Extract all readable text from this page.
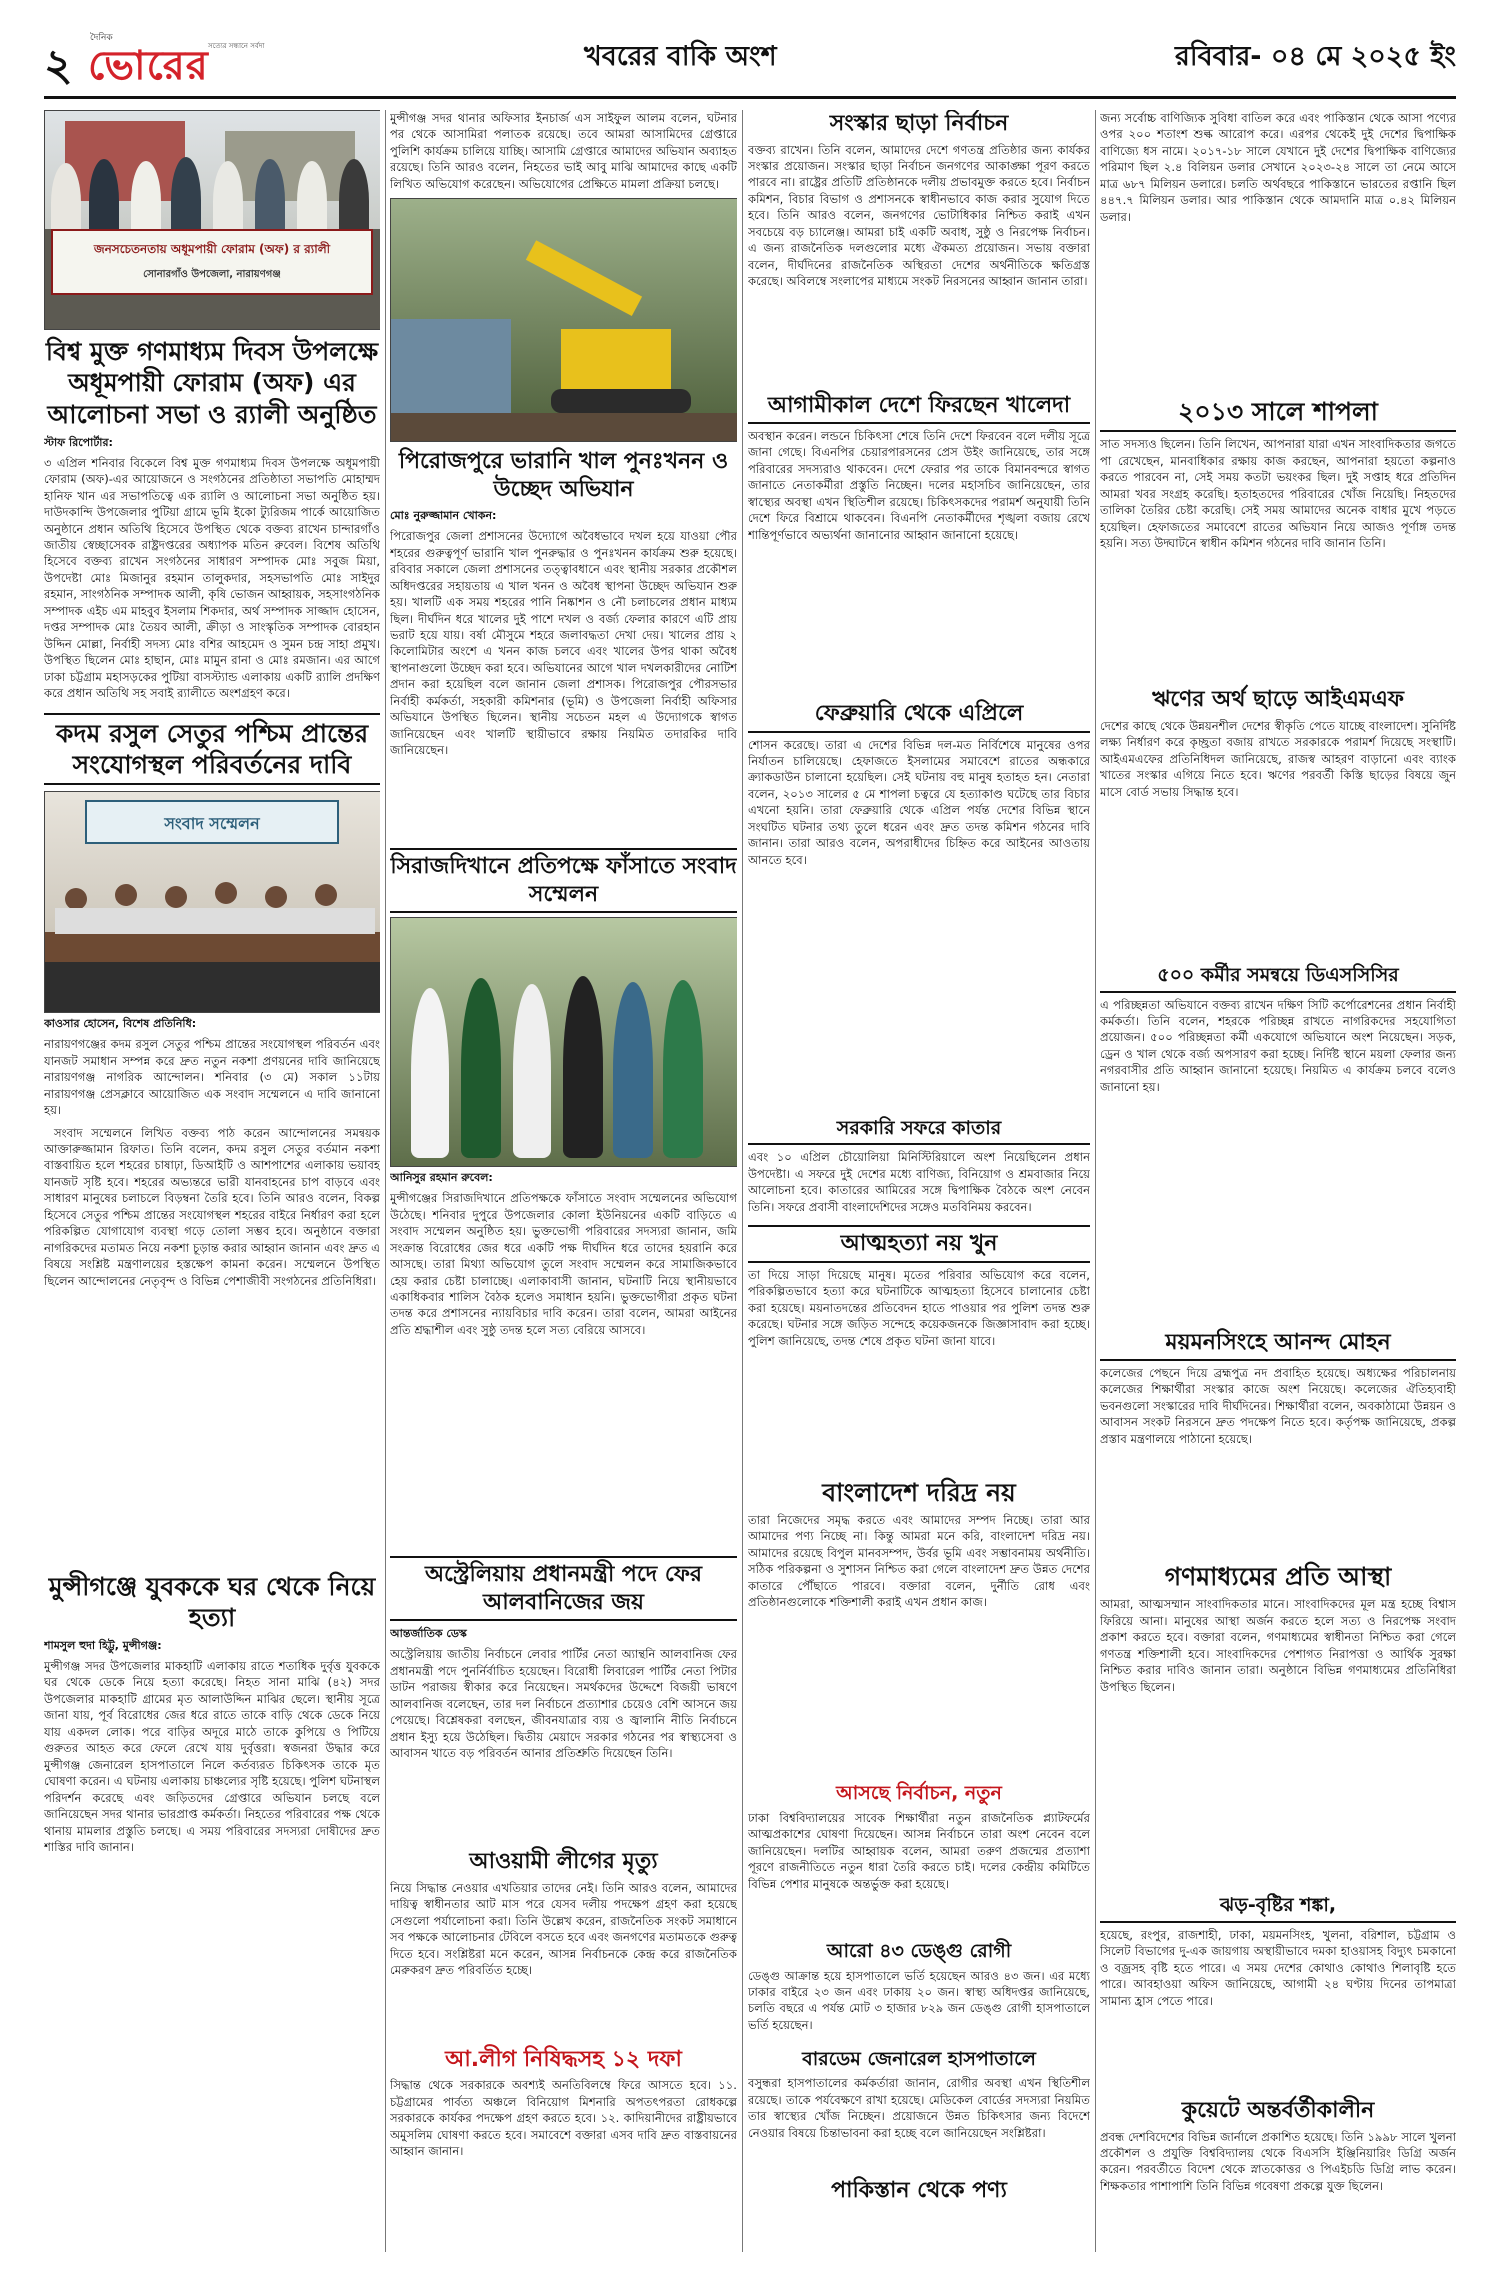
২
দৈনিক
ভোরের সত্যের সন্ধানে সর্বদা	খবরের বাকি অংশ	রবিবার- ০৪ মে ২০২৫ ইং
জনসচেতনতায় অধূমপায়ী ফোরাম (অফ) র র‌্যালী
সোনারগাঁও উপজেলা, নারায়ণগঞ্জ
বিশ্ব মুক্ত গণমাধ্যম দিবস উপলক্ষে অধূমপায়ী ফোরাম (অফ) এর আলোচনা সভা ও র‍্যালী অনুষ্ঠিত
স্টাফ রিপোর্টার:

৩ এপ্রিল শনিবার বিকেলে বিশ্ব মুক্ত গণমাধ্যম দিবস উপলক্ষে অধূমপায়ী ফোরাম (অফ)-এর আয়োজনে ও সংগঠনের প্রতিষ্ঠাতা সভাপতি মোহাম্মদ হানিফ খান এর সভাপতিত্বে এক র‍্যালি ও আলোচনা সভা অনুষ্ঠিত হয়। দাউদকান্দি উপজেলার পুটিয়া গ্রামে ভূমি ইকো ট্যুরিজম পার্কে আয়োজিত অনুষ্ঠানে প্রধান অতিথি হিসেবে উপস্থিত থেকে বক্তব্য রাখেন চান্দারগাঁও জাতীয় স্বেচ্ছাসেবক রাষ্ট্রদপ্তরের অধ্যাপক মতিন রুবেল। বিশেষ অতিথি হিসেবে বক্তব্য রাখেন সংগঠনের সাধারণ সম্পাদক মোঃ সবুজ মিয়া, উপদেষ্টা মোঃ মিজানুর রহমান তালুকদার, সহসভাপতি মোঃ সাইদুর রহমান, সাংগঠনিক সম্পাদক আলী, কৃষি ভোজন আহ্বায়ক, সহসাংগঠনিক সম্পাদক এইচ এম মাহবুব ইসলাম শিকদার, অর্থ সম্পাদক সাজ্জাদ হোসেন, দপ্তর সম্পাদক মোঃ তৈয়ব আলী, ক্রীড়া ও সাংস্কৃতিক সম্পাদক বোরহান উদ্দিন মোল্লা, নির্বাহী সদস্য মোঃ বশির আহমেদ ও সুমন চন্দ্র সাহা প্রমুখ। উপস্থিত ছিলেন মোঃ হাছান, মোঃ মামুন রানা ও মোঃ রমজান। এর আগে ঢাকা চট্টগ্রাম মহাসড়কের পুটিয়া বাসস্ট্যান্ড এলাকায় একটি র‍্যালি প্রদক্ষিণ করে প্রধান অতিথি সহ সবাই র‍্যালীতে অংশগ্রহণ করে।

কদম রসুল সেতুর পশ্চিম প্রান্তের সংযোগস্থল পরিবর্তনের দাবি
সংবাদ সম্মেলন
কাওসার হোসেন, বিশেষ প্রতিনিধি:

নারায়ণগঞ্জের কদম রসুল সেতুর পশ্চিম প্রান্তের সংযোগস্থল পরিবর্তন এবং যানজট সমাধান সম্পন্ন করে দ্রুত নতুন নকশা প্রণয়নের দাবি জানিয়েছে নারায়ণগঞ্জ নাগরিক আন্দোলন। শনিবার (৩ মে) সকাল ১১টায় নারায়ণগঞ্জ প্রেসক্লাবে আয়োজিত এক সংবাদ সম্মেলনে এ দাবি জানানো হয়।

সংবাদ সম্মেলনে লিখিত বক্তব্য পাঠ করেন আন্দোলনের সমন্বয়ক আক্তারুজ্জামান রিফাত। তিনি বলেন, কদম রসুল সেতুর বর্তমান নকশা বাস্তবায়িত হলে শহরের চাষাঢ়া, ডিআইটি ও আশপাশের এলাকায় ভয়াবহ যানজট সৃষ্টি হবে। শহরের অভ্যন্তরে ভারী যানবাহনের চাপ বাড়বে এবং সাধারণ মানুষের চলাচলে বিড়ম্বনা তৈরি হবে। তিনি আরও বলেন, বিকল্প হিসেবে সেতুর পশ্চিম প্রান্তের সংযোগস্থল শহরের বাইরে নির্ধারণ করা হলে পরিকল্পিত যোগাযোগ ব্যবস্থা গড়ে তোলা সম্ভব হবে। অনুষ্ঠানে বক্তারা নাগরিকদের মতামত নিয়ে নকশা চূড়ান্ত করার আহ্বান জানান এবং দ্রুত এ বিষয়ে সংশ্লিষ্ট মন্ত্রণালয়ের হস্তক্ষেপ কামনা করেন। সম্মেলনে উপস্থিত ছিলেন আন্দোলনের নেতৃবৃন্দ ও বিভিন্ন পেশাজীবী সংগঠনের প্রতিনিধিরা।

মুন্সীগঞ্জে যুবককে ঘর থেকে নিয়ে হত্যা
শামসুল হুদা হিট্টু, মুন্সীগঞ্জ:

মুন্সীগঞ্জ সদর উপজেলার মাকহাটি এলাকায় রাতে শতাধিক দুর্বৃত্ত যুবককে ঘর থেকে ডেকে নিয়ে হত্যা করেছে। নিহত সানা মাঝি (৪২) সদর উপজেলার মাকহাটি গ্রামের মৃত আলাউদ্দিন মাঝির ছেলে। স্থানীয় সূত্রে জানা যায়, পূর্ব বিরোধের জের ধরে রাতে তাকে বাড়ি থেকে ডেকে নিয়ে যায় একদল লোক। পরে বাড়ির অদূরে মাঠে তাকে কুপিয়ে ও পিটিয়ে গুরুতর আহত করে ফেলে রেখে যায় দুর্বৃত্তরা। স্বজনরা উদ্ধার করে মুন্সীগঞ্জ জেনারেল হাসপাতালে নিলে কর্তব্যরত চিকিৎসক তাকে মৃত ঘোষণা করেন। এ ঘটনায় এলাকায় চাঞ্চল্যের সৃষ্টি হয়েছে। পুলিশ ঘটনাস্থল পরিদর্শন করেছে এবং জড়িতদের গ্রেপ্তারে অভিযান চলছে বলে জানিয়েছেন সদর থানার ভারপ্রাপ্ত কর্মকর্তা। নিহতের পরিবারের পক্ষ থেকে থানায় মামলার প্রস্তুতি চলছে। এ সময় পরিবারের সদস্যরা দোষীদের দ্রুত শাস্তির দাবি জানান।

মুন্সীগঞ্জ সদর থানার অফিসার ইনচার্জ এস সাইফুল আলম বলেন, ঘটনার পর থেকে আসামিরা পলাতক রয়েছে। তবে আমরা আসামিদের গ্রেপ্তারে পুলিশি কার্যক্রম চালিয়ে যাচ্ছি। আসামি গ্রেপ্তারে আমাদের অভিযান অব্যাহত রয়েছে। তিনি আরও বলেন, নিহতের ভাই আবু মাঝি আমাদের কাছে একটি লিখিত অভিযোগ করেছেন। অভিযোগের প্রেক্ষিতে মামলা প্রক্রিয়া চলছে।

পিরোজপুরে ভারানি খাল পুনঃখনন ও উচ্ছেদ অভিযান
মোঃ নুরুজ্জামান খোকন:

পিরোজপুর জেলা প্রশাসনের উদ্যোগে অবৈধভাবে দখল হয়ে যাওয়া পৌর শহরের গুরুত্বপূর্ণ ভারানি খাল পুনরুদ্ধার ও পুনঃখনন কার্যক্রম শুরু হয়েছে। রবিবার সকালে জেলা প্রশাসনের তত্ত্বাবধানে এবং স্থানীয় সরকার প্রকৌশল অধিদপ্তরের সহায়তায় এ খাল খনন ও অবৈধ স্থাপনা উচ্ছেদ অভিযান শুরু হয়। খালটি এক সময় শহরের পানি নিষ্কাশন ও নৌ চলাচলের প্রধান মাধ্যম ছিল। দীর্ঘদিন ধরে খালের দুই পাশে দখল ও বর্জ্য ফেলার কারণে এটি প্রায় ভরাট হয়ে যায়। বর্ষা মৌসুমে শহরে জলাবদ্ধতা দেখা দেয়। খালের প্রায় ২ কিলোমিটার অংশে এ খনন কাজ চলবে এবং খালের উপর থাকা অবৈধ স্থাপনাগুলো উচ্ছেদ করা হবে। অভিযানের আগে খাল দখলকারীদের নোটিশ প্রদান করা হয়েছিল বলে জানান জেলা প্রশাসক। পিরোজপুর পৌরসভার নির্বাহী কর্মকর্তা, সহকারী কমিশনার (ভূমি) ও উপজেলা নির্বাহী অফিসার অভিযানে উপস্থিত ছিলেন। স্থানীয় সচেতন মহল এ উদ্যোগকে স্বাগত জানিয়েছেন এবং খালটি স্থায়ীভাবে রক্ষায় নিয়মিত তদারকির দাবি জানিয়েছেন।

সিরাজদিখানে প্রতিপক্ষে ফাঁসাতে সংবাদ সম্মেলন
আনিসুর রহমান রুবেল:

মুন্সীগঞ্জের সিরাজদিখানে প্রতিপক্ষকে ফাঁসাতে সংবাদ সম্মেলনের অভিযোগ উঠেছে। শনিবার দুপুরে উপজেলার কোলা ইউনিয়নের একটি বাড়িতে এ সংবাদ সম্মেলন অনুষ্ঠিত হয়। ভুক্তভোগী পরিবারের সদস্যরা জানান, জমি সংক্রান্ত বিরোধের জের ধরে একটি পক্ষ দীর্ঘদিন ধরে তাদের হয়রানি করে আসছে। তারা মিথ্যা অভিযোগ তুলে সংবাদ সম্মেলন করে সামাজিকভাবে হেয় করার চেষ্টা চালাচ্ছে। এলাকাবাসী জানান, ঘটনাটি নিয়ে স্থানীয়ভাবে একাধিকবার শালিস বৈঠক হলেও সমাধান হয়নি। ভুক্তভোগীরা প্রকৃত ঘটনা তদন্ত করে প্রশাসনের ন্যায়বিচার দাবি করেন। তারা বলেন, আমরা আইনের প্রতি শ্রদ্ধাশীল এবং সুষ্ঠু তদন্ত হলে সত্য বেরিয়ে আসবে।

অস্ট্রেলিয়ায় প্রধানমন্ত্রী পদে ফের আলবানিজের জয়
আন্তর্জাতিক ডেস্ক

অস্ট্রেলিয়ায় জাতীয় নির্বাচনে লেবার পার্টির নেতা অ্যান্থনি আলবানিজ ফের প্রধানমন্ত্রী পদে পুনর্নির্বাচিত হয়েছেন। বিরোধী লিবারেল পার্টির নেতা পিটার ডাটন পরাজয় স্বীকার করে নিয়েছেন। সমর্থকদের উদ্দেশে বিজয়ী ভাষণে আলবানিজ বলেছেন, তার দল নির্বাচনে প্রত্যাশার চেয়েও বেশি আসনে জয় পেয়েছে। বিশ্লেষকরা বলছেন, জীবনযাত্রার ব্যয় ও জ্বালানি নীতি নির্বাচনে প্রধান ইস্যু হয়ে উঠেছিল। দ্বিতীয় মেয়াদে সরকার গঠনের পর স্বাস্থ্যসেবা ও আবাসন খাতে বড় পরিবর্তন আনার প্রতিশ্রুতি দিয়েছেন তিনি।

আওয়ামী লীগের মৃত্যু

নিয়ে সিদ্ধান্ত নেওয়ার এখতিয়ার তাদের নেই। তিনি আরও বলেন, আমাদের দায়িত্ব স্বাধীনতার আট মাস পরে যেসব দলীয় পদক্ষেপ গ্রহণ করা হয়েছে সেগুলো পর্যালোচনা করা। তিনি উল্লেখ করেন, রাজনৈতিক সংকট সমাধানে সব পক্ষকে আলোচনার টেবিলে বসতে হবে এবং জনগণের মতামতকে গুরুত্ব দিতে হবে। সংশ্লিষ্টরা মনে করেন, আসন্ন নির্বাচনকে কেন্দ্র করে রাজনৈতিক মেরুকরণ দ্রুত পরিবর্তিত হচ্ছে।

আ.লীগ নিষিদ্ধসহ ১২ দফা

সিদ্ধান্ত থেকে সরকারকে অবশ্যই অনতিবিলম্বে ফিরে আসতে হবে। ১১. চট্টগ্রামের পার্বত্য অঞ্চলে বিনিয়োগ মিশনারি অপতৎপরতা রোধকল্পে সরকারকে কার্যকর পদক্ষেপ গ্রহণ করতে হবে। ১২. কাদিয়ানীদের রাষ্ট্রীয়ভাবে অমুসলিম ঘোষণা করতে হবে। সমাবেশে বক্তারা এসব দাবি দ্রুত বাস্তবায়নের আহ্বান জানান।

সংস্কার ছাড়া নির্বাচন

বক্তব্য রাখেন। তিনি বলেন, আমাদের দেশে গণতন্ত্র প্রতিষ্ঠার জন্য কার্যকর সংস্কার প্রয়োজন। সংস্কার ছাড়া নির্বাচন জনগণের আকাঙ্ক্ষা পূরণ করতে পারবে না। রাষ্ট্রের প্রতিটি প্রতিষ্ঠানকে দলীয় প্রভাবমুক্ত করতে হবে। নির্বাচন কমিশন, বিচার বিভাগ ও প্রশাসনকে স্বাধীনভাবে কাজ করার সুযোগ দিতে হবে। তিনি আরও বলেন, জনগণের ভোটাধিকার নিশ্চিত করাই এখন সবচেয়ে বড় চ্যালেঞ্জ। আমরা চাই একটি অবাধ, সুষ্ঠু ও নিরপেক্ষ নির্বাচন। এ জন্য রাজনৈতিক দলগুলোর মধ্যে ঐকমত্য প্রয়োজন। সভায় বক্তারা বলেন, দীর্ঘদিনের রাজনৈতিক অস্থিরতা দেশের অর্থনীতিকে ক্ষতিগ্রস্ত করেছে। অবিলম্বে সংলাপের মাধ্যমে সংকট নিরসনের আহ্বান জানান তারা।

আগামীকাল দেশে ফিরছেন খালেদা

অবস্থান করেন। লন্ডনে চিকিৎসা শেষে তিনি দেশে ফিরবেন বলে দলীয় সূত্রে জানা গেছে। বিএনপির চেয়ারপারসনের প্রেস উইং জানিয়েছে, তার সঙ্গে পরিবারের সদস্যরাও থাকবেন। দেশে ফেরার পর তাকে বিমানবন্দরে স্বাগত জানাতে নেতাকর্মীরা প্রস্তুতি নিচ্ছেন। দলের মহাসচিব জানিয়েছেন, তার স্বাস্থ্যের অবস্থা এখন স্থিতিশীল রয়েছে। চিকিৎসকদের পরামর্শ অনুযায়ী তিনি দেশে ফিরে বিশ্রামে থাকবেন। বিএনপি নেতাকর্মীদের শৃঙ্খলা বজায় রেখে শান্তিপূর্ণভাবে অভ্যর্থনা জানানোর আহ্বান জানানো হয়েছে।

ফেব্রুয়ারি থেকে এপ্রিলে

শোসন করেছে। তারা এ দেশের বিভিন্ন দল-মত নির্বিশেষে মানুষের ওপর নির্যাতন চালিয়েছে। হেফাজতে ইসলামের সমাবেশে রাতের অন্ধকারে ক্র্যাকডাউন চালানো হয়েছিল। সেই ঘটনায় বহু মানুষ হতাহত হন। নেতারা বলেন, ২০১৩ সালের ৫ মে শাপলা চত্বরে যে হত্যাকাণ্ড ঘটেছে তার বিচার এখনো হয়নি। তারা ফেব্রুয়ারি থেকে এপ্রিল পর্যন্ত দেশের বিভিন্ন স্থানে সংঘটিত ঘটনার তথ্য তুলে ধরেন এবং দ্রুত তদন্ত কমিশন গঠনের দাবি জানান। তারা আরও বলেন, অপরাধীদের চিহ্নিত করে আইনের আওতায় আনতে হবে।

সরকারি সফরে কাতার

এবং ১০ এপ্রিল চৌয়োলিয়া মিনিস্টিরিয়ালে অংশ নিয়েছিলেন প্রধান উপদেষ্টা। এ সফরে দুই দেশের মধ্যে বাণিজ্য, বিনিয়োগ ও শ্রমবাজার নিয়ে আলোচনা হবে। কাতারের আমিরের সঙ্গে দ্বিপাক্ষিক বৈঠকে অংশ নেবেন তিনি। সফরে প্রবাসী বাংলাদেশিদের সঙ্গেও মতবিনিময় করবেন।

আত্মহত্যা নয় খুন

তা দিয়ে সাড়া দিয়েছে মানুষ। মৃতের পরিবার অভিযোগ করে বলেন, পরিকল্পিতভাবে হত্যা করে ঘটনাটিকে আত্মহত্যা হিসেবে চালানোর চেষ্টা করা হয়েছে। ময়নাতদন্তের প্রতিবেদন হাতে পাওয়ার পর পুলিশ তদন্ত শুরু করেছে। ঘটনার সঙ্গে জড়িত সন্দেহে কয়েকজনকে জিজ্ঞাসাবাদ করা হচ্ছে। পুলিশ জানিয়েছে, তদন্ত শেষে প্রকৃত ঘটনা জানা যাবে।

বাংলাদেশ দরিদ্র নয়

তারা নিজেদের সমৃদ্ধ করতে এবং আমাদের সম্পদ নিচ্ছে। তারা আর আমাদের পণ্য নিচ্ছে না। কিন্তু আমরা মনে করি, বাংলাদেশ দরিদ্র নয়। আমাদের রয়েছে বিপুল মানবসম্পদ, উর্বর ভূমি এবং সম্ভাবনাময় অর্থনীতি। সঠিক পরিকল্পনা ও সুশাসন নিশ্চিত করা গেলে বাংলাদেশ দ্রুত উন্নত দেশের কাতারে পৌঁছাতে পারবে। বক্তারা বলেন, দুর্নীতি রোধ এবং প্রতিষ্ঠানগুলোকে শক্তিশালী করাই এখন প্রধান কাজ।

আসছে নির্বাচন, নতুন

ঢাকা বিশ্ববিদ্যালয়ের সাবেক শিক্ষার্থীরা নতুন রাজনৈতিক প্ল্যাটফর্মের আত্মপ্রকাশের ঘোষণা দিয়েছেন। আসন্ন নির্বাচনে তারা অংশ নেবেন বলে জানিয়েছেন। দলটির আহ্বায়ক বলেন, আমরা তরুণ প্রজন্মের প্রত্যাশা পূরণে রাজনীতিতে নতুন ধারা তৈরি করতে চাই। দলের কেন্দ্রীয় কমিটিতে বিভিন্ন পেশার মানুষকে অন্তর্ভুক্ত করা হয়েছে।

আরো ৪৩ ডেঙ্গু রোগী

ডেঙ্গু আক্রান্ত হয়ে হাসপাতালে ভর্তি হয়েছেন আরও ৪৩ জন। এর মধ্যে ঢাকার বাইরে ২৩ জন এবং ঢাকায় ২০ জন। স্বাস্থ্য অধিদপ্তর জানিয়েছে, চলতি বছরে এ পর্যন্ত মোট ৩ হাজার ৮২৯ জন ডেঙ্গু রোগী হাসপাতালে ভর্তি হয়েছেন।

বারডেম জেনারেল হাসপাতালে

বসুন্ধরা হাসপাতালের কর্মকর্তারা জানান, রোগীর অবস্থা এখন স্থিতিশীল রয়েছে। তাকে পর্যবেক্ষণে রাখা হয়েছে। মেডিকেল বোর্ডের সদস্যরা নিয়মিত তার স্বাস্থ্যের খোঁজ নিচ্ছেন। প্রয়োজনে উন্নত চিকিৎসার জন্য বিদেশে নেওয়ার বিষয়ে চিন্তাভাবনা করা হচ্ছে বলে জানিয়েছেন সংশ্লিষ্টরা।

পাকিস্তান থেকে পণ্য

জন্য সর্বোচ্চ বাণিজ্যিক সুবিধা বাতিল করে এবং পাকিস্তান থেকে আসা পণ্যের ওপর ২০০ শতাংশ শুল্ক আরোপ করে। এরপর থেকেই দুই দেশের দ্বিপাক্ষিক বাণিজ্যে ধস নামে। ২০১৭-১৮ সালে যেখানে দুই দেশের দ্বিপাক্ষিক বাণিজ্যের পরিমাণ ছিল ২.৪ বিলিয়ন ডলার সেখানে ২০২৩-২৪ সালে তা নেমে আসে মাত্র ৬৮৭ মিলিয়ন ডলারে। চলতি অর্থবছরে পাকিস্তানে ভারতের রপ্তানি ছিল ৪৪৭.৭ মিলিয়ন ডলার। আর পাকিস্তান থেকে আমদানি মাত্র ০.৪২ মিলিয়ন ডলার।

২০১৩ সালে শাপলা

সাত সদস্যও ছিলেন। তিনি লিখেন, আপনারা যারা এখন সাংবাদিকতার জগতে পা রেখেছেন, মানবাধিকার রক্ষায় কাজ করছেন, আপনারা হয়তো কল্পনাও করতে পারবেন না, সেই সময় কতটা ভয়ংকর ছিল। দুই সপ্তাহ ধরে প্রতিদিন আমরা খবর সংগ্রহ করেছি। হতাহতদের পরিবারের খোঁজ নিয়েছি। নিহতদের তালিকা তৈরির চেষ্টা করেছি। সেই সময় আমাদের অনেক বাধার মুখে পড়তে হয়েছিল। হেফাজতের সমাবেশে রাতের অভিযান নিয়ে আজও পূর্ণাঙ্গ তদন্ত হয়নি। সত্য উদ্ঘাটনে স্বাধীন কমিশন গঠনের দাবি জানান তিনি।

ঋণের অর্থ ছাড়ে আইএমএফ

দেশের কাছে থেকে উন্নয়নশীল দেশের স্বীকৃতি পেতে যাচ্ছে বাংলাদেশ। সুনির্দিষ্ট লক্ষ্য নির্ধারণ করে কৃচ্ছ্রতা বজায় রাখতে সরকারকে পরামর্শ দিয়েছে সংস্থাটি। আইএমএফের প্রতিনিধিদল জানিয়েছে, রাজস্ব আহরণ বাড়ানো এবং ব্যাংক খাতের সংস্কার এগিয়ে নিতে হবে। ঋণের পরবর্তী কিস্তি ছাড়ের বিষয়ে জুন মাসে বোর্ড সভায় সিদ্ধান্ত হবে।

৫০০ কর্মীর সমন্বয়ে ডিএসসিসির

এ পরিচ্ছন্নতা অভিযানে বক্তব্য রাখেন দক্ষিণ সিটি কর্পোরেশনের প্রধান নির্বাহী কর্মকর্তা। তিনি বলেন, শহরকে পরিচ্ছন্ন রাখতে নাগরিকদের সহযোগিতা প্রয়োজন। ৫০০ পরিচ্ছন্নতা কর্মী একযোগে অভিযানে অংশ নিয়েছেন। সড়ক, ড্রেন ও খাল থেকে বর্জ্য অপসারণ করা হচ্ছে। নির্দিষ্ট স্থানে ময়লা ফেলার জন্য নগরবাসীর প্রতি আহ্বান জানানো হয়েছে। নিয়মিত এ কার্যক্রম চলবে বলেও জানানো হয়।

ময়মনসিংহে আনন্দ মোহন

কলেজের পেছনে দিয়ে ব্রহ্মপুত্র নদ প্রবাহিত হয়েছে। অধ্যক্ষের পরিচালনায় কলেজের শিক্ষার্থীরা সংস্কার কাজে অংশ নিয়েছে। কলেজের ঐতিহ্যবাহী ভবনগুলো সংস্কারের দাবি দীর্ঘদিনের। শিক্ষার্থীরা বলেন, অবকাঠামো উন্নয়ন ও আবাসন সংকট নিরসনে দ্রুত পদক্ষেপ নিতে হবে। কর্তৃপক্ষ জানিয়েছে, প্রকল্প প্রস্তাব মন্ত্রণালয়ে পাঠানো হয়েছে।

গণমাধ্যমের প্রতি আস্থা

আমরা, আত্মসম্মান সাংবাদিকতার মানে। সাংবাদিকদের মূল মন্ত্র হচ্ছে বিশ্বাস ফিরিয়ে আনা। মানুষের আস্থা অর্জন করতে হলে সত্য ও নিরপেক্ষ সংবাদ প্রকাশ করতে হবে। বক্তারা বলেন, গণমাধ্যমের স্বাধীনতা নিশ্চিত করা গেলে গণতন্ত্র শক্তিশালী হবে। সাংবাদিকদের পেশাগত নিরাপত্তা ও আর্থিক সুরক্ষা নিশ্চিত করার দাবিও জানান তারা। অনুষ্ঠানে বিভিন্ন গণমাধ্যমের প্রতিনিধিরা উপস্থিত ছিলেন।

ঝড়-বৃষ্টির শঙ্কা,

হয়েছে, রংপুর, রাজশাহী, ঢাকা, ময়মনসিংহ, খুলনা, বরিশাল, চট্টগ্রাম ও সিলেট বিভাগের দু-এক জায়গায় অস্থায়ীভাবে দমকা হাওয়াসহ বিদ্যুৎ চমকানো ও বজ্রসহ বৃষ্টি হতে পারে। এ সময় দেশের কোথাও কোথাও শিলাবৃষ্টি হতে পারে। আবহাওয়া অফিস জানিয়েছে, আগামী ২৪ ঘণ্টায় দিনের তাপমাত্রা সামান্য হ্রাস পেতে পারে।

কুয়েটে অন্তর্বর্তীকালীন

প্রবন্ধ দেশবিদেশের বিভিন্ন জার্নালে প্রকাশিত হয়েছে। তিনি ১৯৯৮ সালে খুলনা প্রকৌশল ও প্রযুক্তি বিশ্ববিদ্যালয় থেকে বিএসসি ইঞ্জিনিয়ারিং ডিগ্রি অর্জন করেন। পরবর্তীতে বিদেশ থেকে স্নাতকোত্তর ও পিএইচডি ডিগ্রি লাভ করেন। শিক্ষকতার পাশাপাশি তিনি বিভিন্ন গবেষণা প্রকল্পে যুক্ত ছিলেন।
